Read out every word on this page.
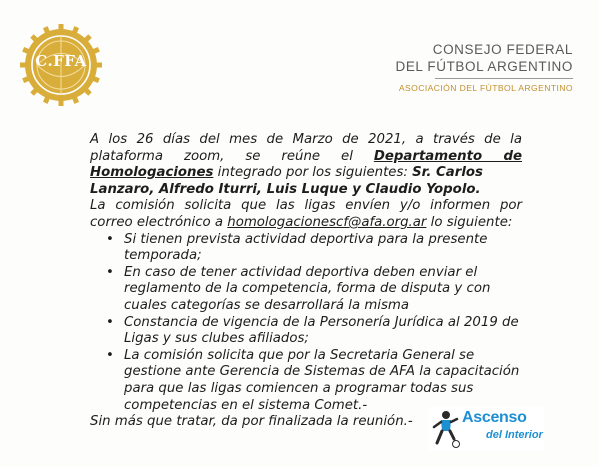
C.FFA
CONSEJO FEDERAL
DEL FÚTBOL ARGENTINO
ASOCIACIÓN DEL FÚTBOL ARGENTINO

A los 26 días del mes de Marzo de 2021, a través de la

plataforma zoom, se reúne el Departamento de

Homologaciones integrado por los siguientes: Sr. Carlos

Lanzaro, Alfredo Iturri, Luis Luque y Claudio Yopolo.

La comisión solicita que las ligas envíen y/o informen por

correo electrónico a homologacionescf@afa.org.ar lo siguiente:

• Si tienen prevista actividad deportiva para la presente
temporada;
• En caso de tener actividad deportiva deben enviar el
reglamento de la competencia, forma de disputa y con
cuales categorías se desarrollará la misma
• Constancia de vigencia de la Personería Jurídica al 2019 de
Ligas y sus clubes afiliados;
• La comisión solicita que por la Secretaria General se
gestione ante Gerencia de Sistemas de AFA la capacitación
para que las ligas comiencen a programar todas sus
competencias en el sistema Comet.-

Sin más que tratar, da por finalizada la reunión.-	Ascenso
del Interior
